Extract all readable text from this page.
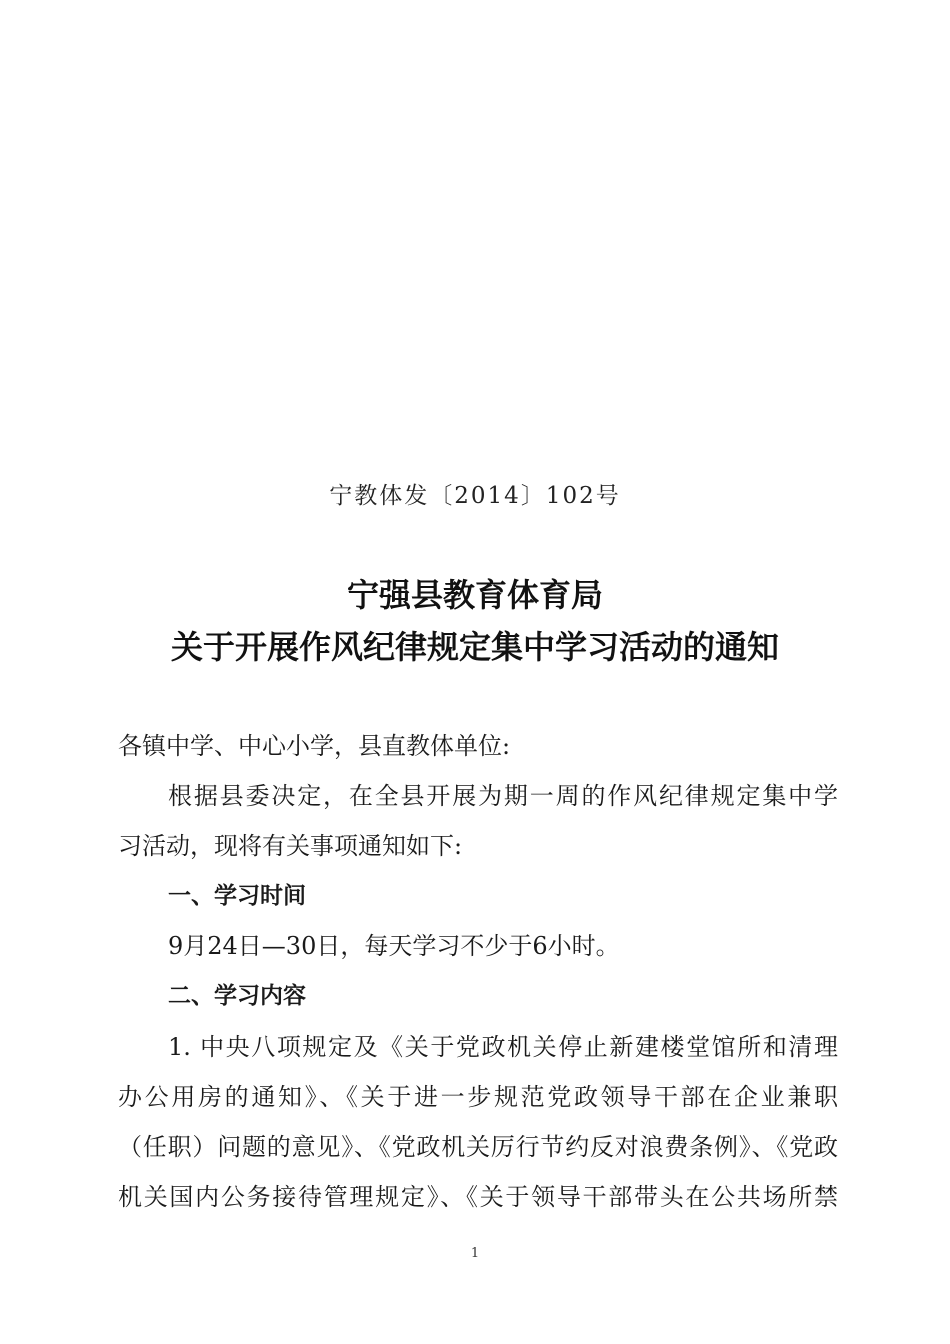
宁教体发〔2014〕102号
宁强县教育体育局
关于开展作风纪律规定集中学习活动的通知
各镇中学、中心小学，县直教体单位:
根据县委决定，在全县开展为期一周的作风纪律规定集中学
习活动，现将有关事项通知如下:
一、学习时间
9月24日—30日，每天学习不少于6小时。
二、学习内容
1. 中央八项规定及《关于党政机关停止新建楼堂馆所和清理
办公用房的通知》、《关于进一步规范党政领导干部在企业兼职
（任职）问题的意见》、《党政机关厉行节约反对浪费条例》、《党政
机关国内公务接待管理规定》、《关于领导干部带头在公共场所禁
1
